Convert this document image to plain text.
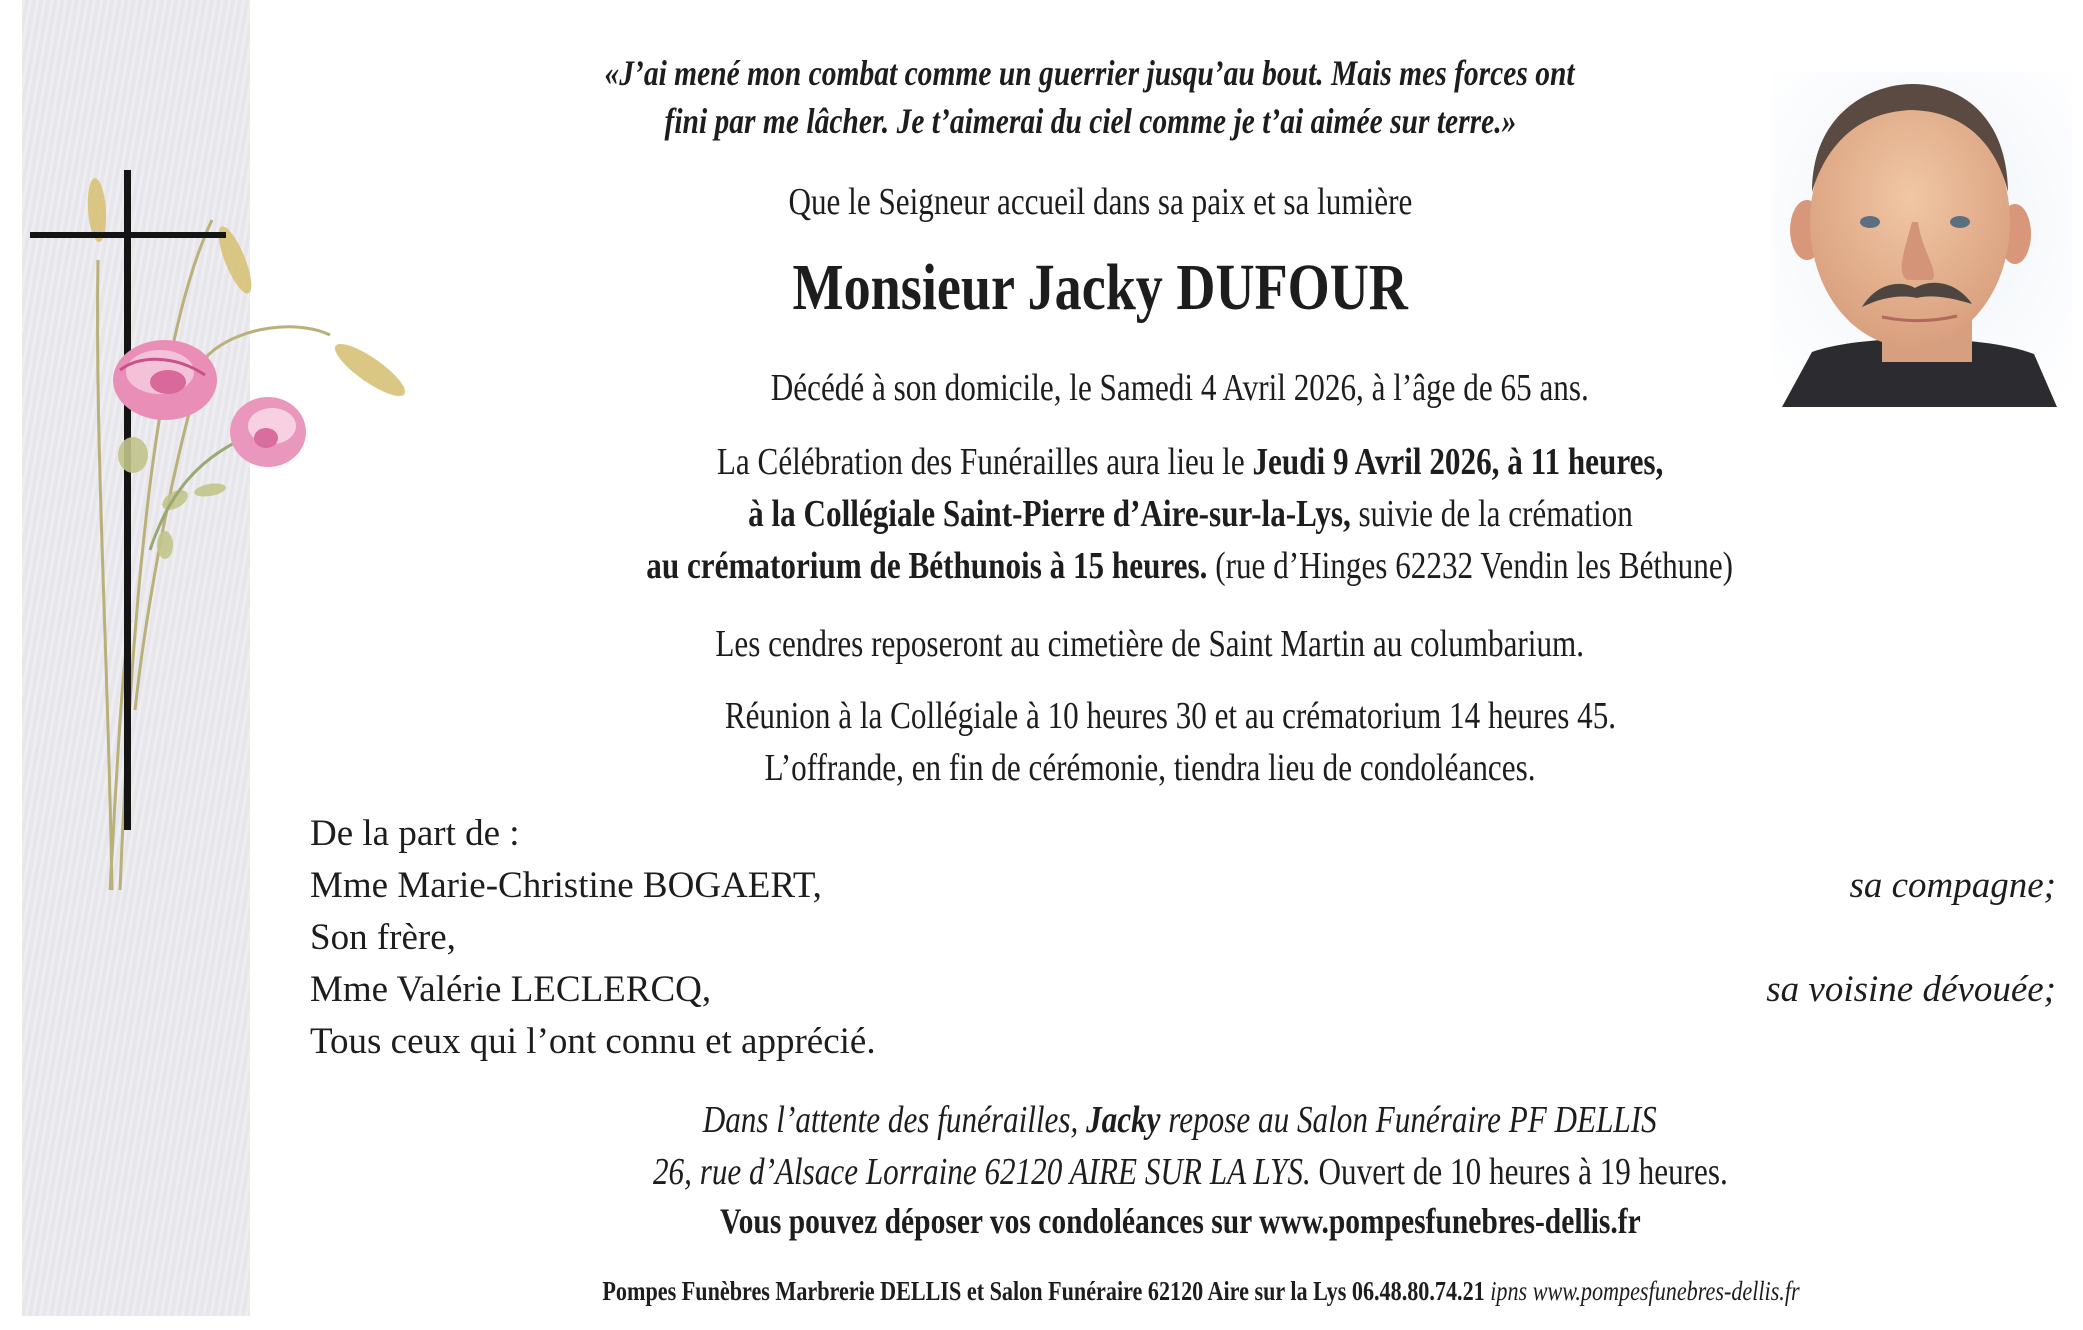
«J’ai mené mon combat comme un guerrier jusqu’au bout. Mais mes forces ont
fini par me lâcher. Je t’aimerai du ciel comme je t’ai aimée sur terre.»
Que le Seigneur accueil dans sa paix et sa lumière
Monsieur Jacky DUFOUR
Décédé à son domicile, le Samedi 4 Avril 2026, à l’âge de 65 ans.
La Célébration des Funérailles aura lieu le Jeudi 9 Avril 2026, à 11 heures,
à la Collégiale Saint-Pierre d’Aire-sur-la-Lys, suivie de la crémation
au crématorium de Béthunois à 15 heures. (rue d’Hinges 62232 Vendin les Béthune)
Les cendres reposeront au cimetière de Saint Martin au columbarium.
Réunion à la Collégiale à 10 heures 30 et au crématorium 14 heures 45.
L’offrande, en fin de cérémonie, tiendra lieu de condoléances.
De la part de :
Mme Marie-Christine BOGAERT,	sa compagne;
Son frère,
Mme Valérie LECLERCQ,	sa voisine dévouée;
Tous ceux qui l’ont connu et apprécié.
Dans l’attente des funérailles, Jacky repose au Salon Funéraire PF DELLIS
26, rue d’Alsace Lorraine 62120 AIRE SUR LA LYS. Ouvert de 10 heures à 19 heures.
Vous pouvez déposer vos condoléances sur www.pompesfunebres-dellis.fr
Pompes Funèbres Marbrerie DELLIS et Salon Funéraire 62120 Aire sur la Lys 06.48.80.74.21 ipns www.pompesfunebres-dellis.fr
